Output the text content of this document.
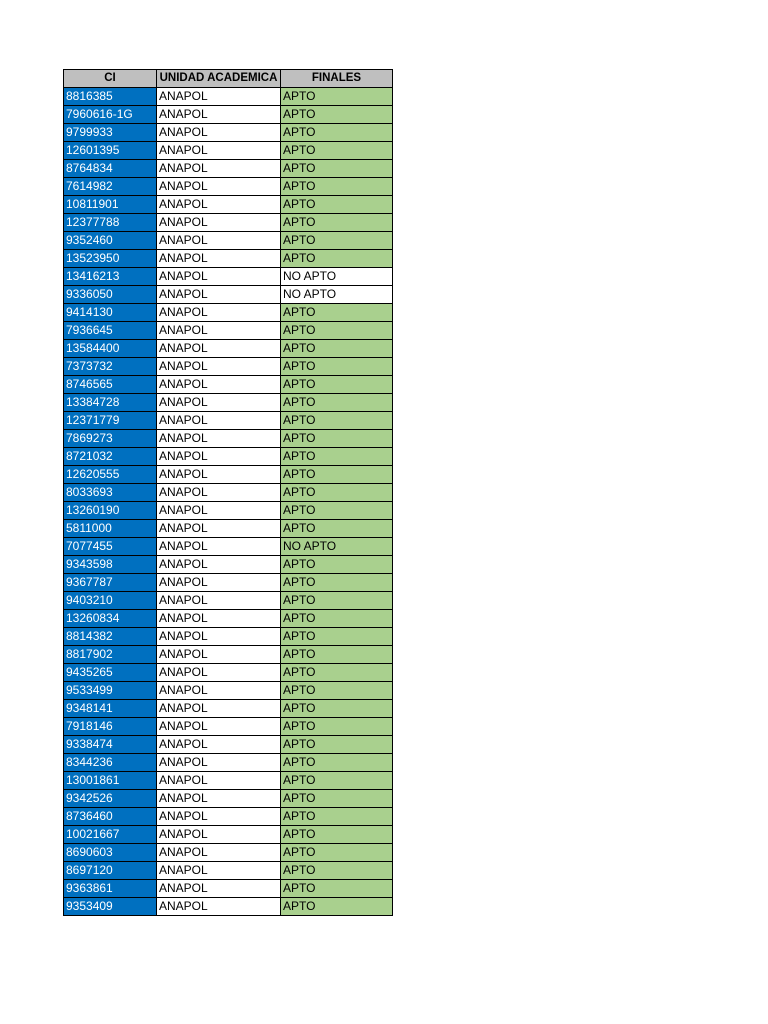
CI	UNIDAD ACADEMICA	FINALES
8816385	ANAPOL	APTO
7960616-1G	ANAPOL	APTO
9799933	ANAPOL	APTO
12601395	ANAPOL	APTO
8764834	ANAPOL	APTO
7614982	ANAPOL	APTO
10811901	ANAPOL	APTO
12377788	ANAPOL	APTO
9352460	ANAPOL	APTO
13523950	ANAPOL	APTO
13416213	ANAPOL	NO APTO
9336050	ANAPOL	NO APTO
9414130	ANAPOL	APTO
7936645	ANAPOL	APTO
13584400	ANAPOL	APTO
7373732	ANAPOL	APTO
8746565	ANAPOL	APTO
13384728	ANAPOL	APTO
12371779	ANAPOL	APTO
7869273	ANAPOL	APTO
8721032	ANAPOL	APTO
12620555	ANAPOL	APTO
8033693	ANAPOL	APTO
13260190	ANAPOL	APTO
5811000	ANAPOL	APTO
7077455	ANAPOL	NO APTO
9343598	ANAPOL	APTO
9367787	ANAPOL	APTO
9403210	ANAPOL	APTO
13260834	ANAPOL	APTO
8814382	ANAPOL	APTO
8817902	ANAPOL	APTO
9435265	ANAPOL	APTO
9533499	ANAPOL	APTO
9348141	ANAPOL	APTO
7918146	ANAPOL	APTO
9338474	ANAPOL	APTO
8344236	ANAPOL	APTO
13001861	ANAPOL	APTO
9342526	ANAPOL	APTO
8736460	ANAPOL	APTO
10021667	ANAPOL	APTO
8690603	ANAPOL	APTO
8697120	ANAPOL	APTO
9363861	ANAPOL	APTO
9353409	ANAPOL	APTO
